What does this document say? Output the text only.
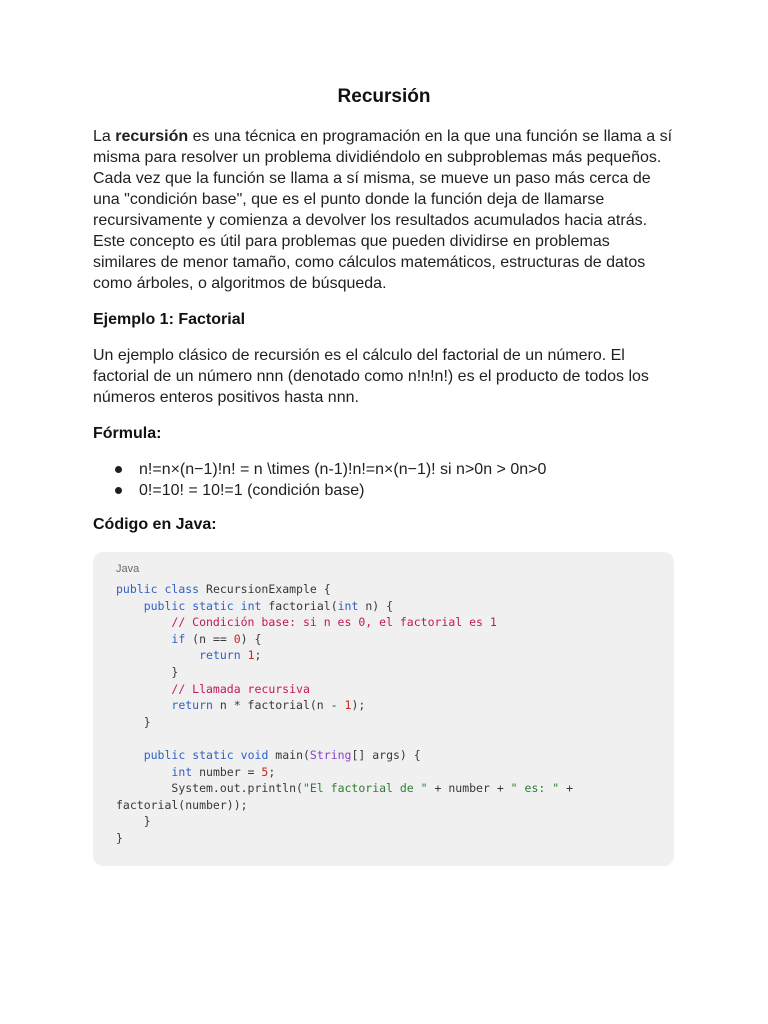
Recursión

La recursión es una técnica en programación en la que una función se llama a sí misma para resolver un problema dividiéndolo en subproblemas más pequeños. Cada vez que la función se llama a sí misma, se mueve un paso más cerca de una "condición base", que es el punto donde la función deja de llamarse recursivamente y comienza a devolver los resultados acumulados hacia atrás. Este concepto es útil para problemas que pueden dividirse en problemas similares de menor tamaño, como cálculos matemáticos, estructuras de datos como árboles, o algoritmos de búsqueda.

Ejemplo 1: Factorial

Un ejemplo clásico de recursión es el cálculo del factorial de un número. El factorial de un número nnn (denotado como n!n!n!) es el producto de todos los números enteros positivos hasta nnn.

Fórmula:
n!=n×(n−1)!n! = n \times (n-1)!n!=n×(n−1)! si n>0n > 0n>0
0!=10! = 10!=1 (condición base)
Código en Java:
Java
public class RecursionExample {
public static int factorial(int n) {
// Condición base: si n es 0, el factorial es 1
if (n == 0) {
return 1;
}
// Llamada recursiva
return n * factorial(n - 1);
}

public static void main(String[] args) {
int number = 5;
System.out.println("El factorial de " + number + " es: " +
factorial(number));
}
}
